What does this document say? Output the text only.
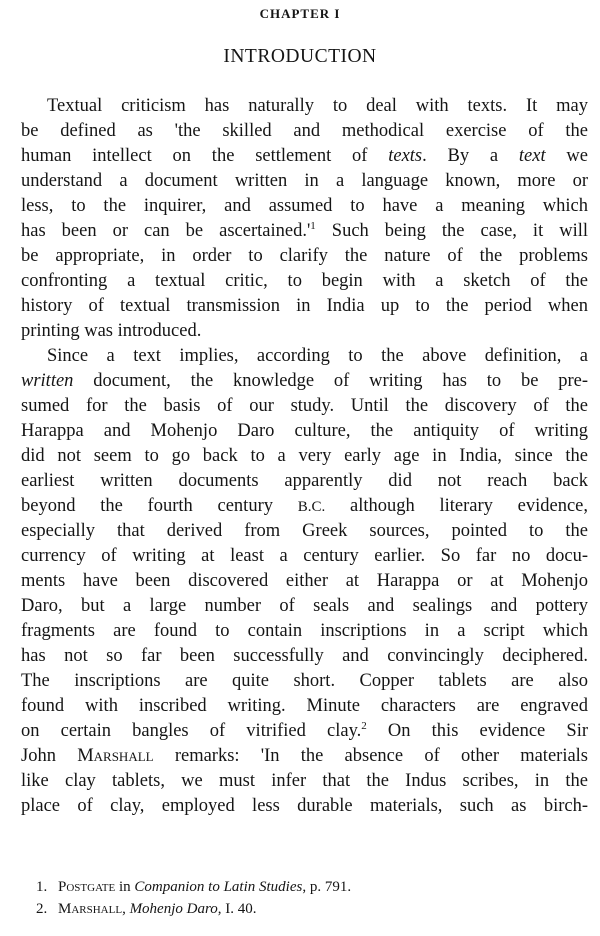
CHAPTER I
INTRODUCTION
Textual criticism has naturally to deal with texts. It may
be defined as 'the skilled and methodical exercise of the
human intellect on the settlement of texts. By a text we
understand a document written in a language known, more or
less, to the inquirer, and assumed to have a meaning which
has been or can be $ascertained.'^1$ Such being the case, it will
be appropriate, in order to clarify the nature of the problems
confronting a textual critic, to begin with a sketch of the
history of textual transmission in India up to the period when
printing was introduced.
Since a text implies, according to the above definition, a
written document, the knowledge of writing has to be pre-
sumed for the basis of our study. Until the discovery of the
Harappa and Mohenjo Daro culture, the antiquity of writing
did not seem to go back to a very early age in India, since the
earliest written documents apparently did not reach back
beyond the fourth century B.C. although literary evidence,
especially that derived from Greek sources, pointed to the
currency of writing at least a century earlier. So far no docu-
ments have been discovered either at Harappa or at Mohenjo
Daro, but a large number of seals and sealings and pottery
fragments are found to contain inscriptions in a script which
has not so far been successfully and convincingly deciphered.
The inscriptions are quite short. Copper tablets are also
found with inscribed writing. Minute characters are engraved
on certain bangles of vitrified clay.$^2$ On this evidence Sir
John Marshall remarks: 'In the absence of other materials
like clay tablets, we must infer that the Indus scribes, in the
place of clay, employed less durable materials, such as birch-
1. Postgate in Companion to Latin Studies, p. 791.
2. Marshall, Mohenjo Daro, I. 40.
